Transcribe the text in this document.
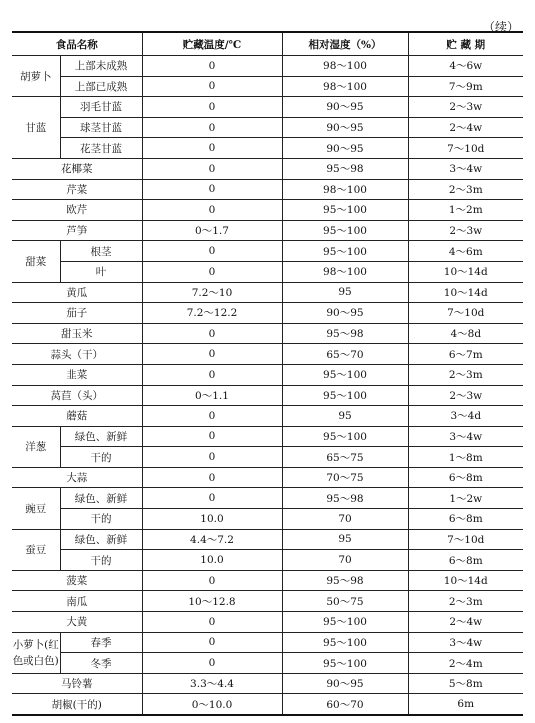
（续）
食品名称		贮藏温度/℃	相对湿度（%）	贮 藏 期
胡萝卜	上部未成熟	0	98～100	4～6w
	上部已成熟	0	98～100	7～9m
甘蓝	羽毛甘蓝	0	90～95	2～3w
	球茎甘蓝	0	90～95	2～4w
	花茎甘蓝	0	90～95	7～10d
花椰菜		0	95～98	3～4w
芹菜		0	98～100	2～3m
欧芹		0	95～100	1～2m
芦笋		0～1.7	95～100	2～3w
甜菜	根茎	0	95～100	4～6m
	叶	0	98～100	10～14d
黄瓜		7.2～10	95	10～14d
茄子		7.2～12.2	90～95	7～10d
甜玉米		0	95～98	4～8d
蒜头（干）		0	65～70	6～7m
韭菜		0	95～100	2～3m
莴苣（头）		0～1.1	95～100	2～3w
蘑菇		0	95	3～4d
洋葱	绿色、新鲜	0	95～100	3～4w
	干的	0	65～75	1～8m
大蒜		0	70～75	6～8m
豌豆	绿色、新鲜	0	95～98	1～2w
	干的	10.0	70	6～8m
蚕豆	绿色、新鲜	4.4～7.2	95	7～10d
	干的	10.0	70	6～8m
菠菜		0	95～98	10～14d
南瓜		10～12.8	50～75	2～3m
大黄		0	95～100	2～4w
小萝卜(红色或白色)	春季	0	95～100	3～4w
	冬季	0	95～100	2～4m
马铃薯		3.3～4.4	90～95	5～8m
胡椒(干的)		0～10.0	60～70	6m
